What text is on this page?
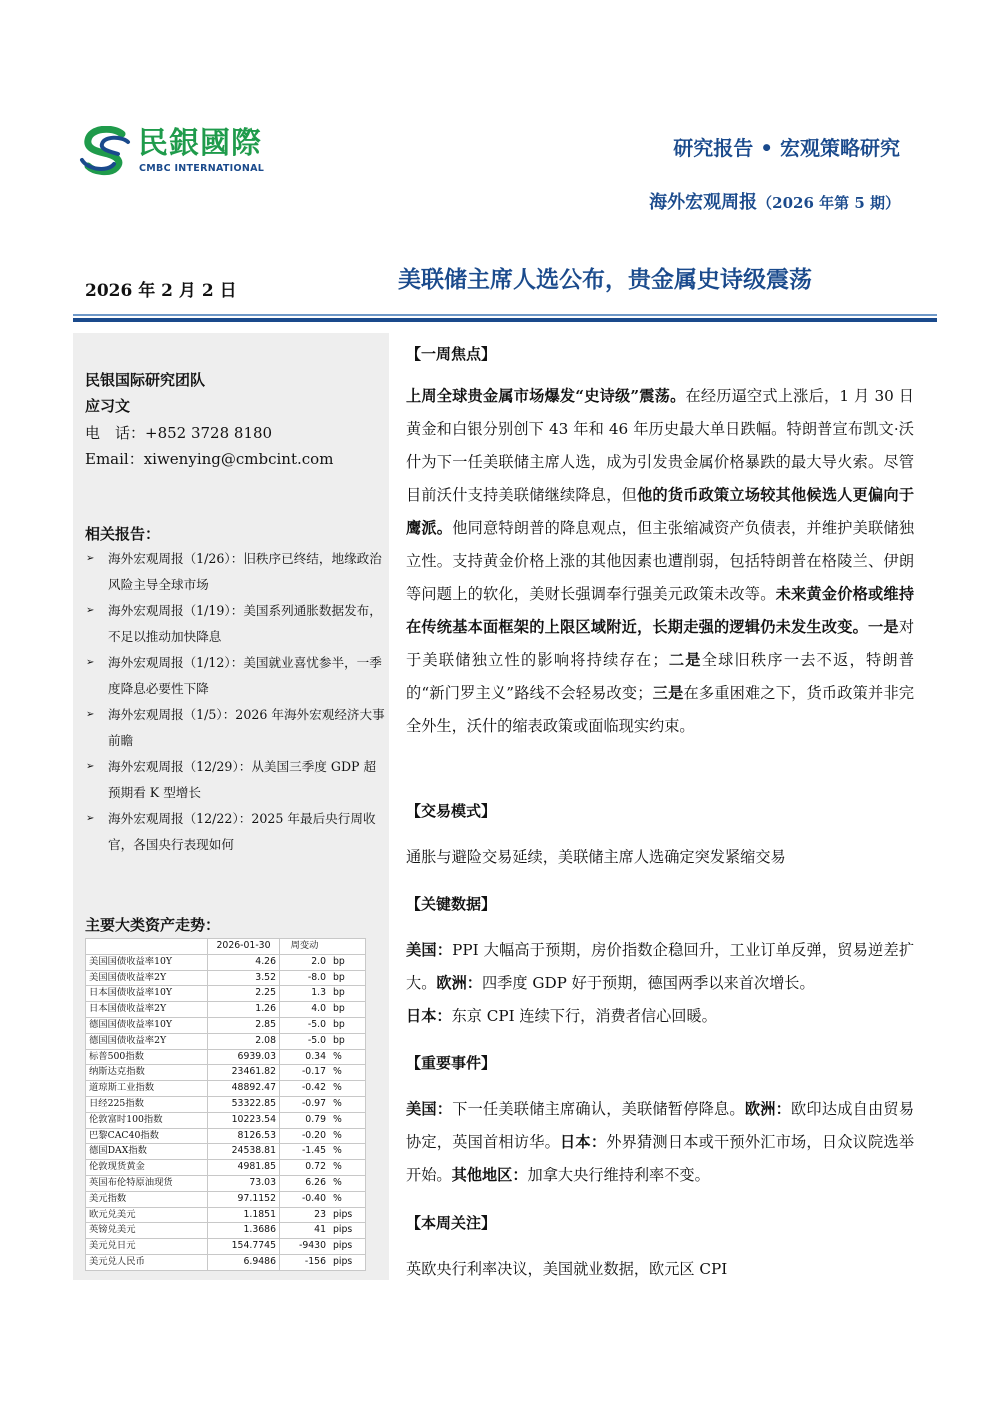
民銀國際
CMBC INTERNATIONAL
研究报告 • 宏观策略研究
海外宏观周报（2026 年第 5 期）
2026 年 2 月 2 日	美联储主席人选公布，贵金属史诗级震荡
民银国际研究团队
应习文
电　话：+852 3728 8180
Email：xiwenying@cmbcint.com
相关报告：
➢ 海外宏观周报（1/26）：旧秩序已终结，地缘政治风险主导全球市场
➢ 海外宏观周报（1/19）：美国系列通胀数据发布，不足以推动加快降息
➢ 海外宏观周报（1/12）：美国就业喜忧参半，一季度降息必要性下降
➢ 海外宏观周报（1/5）：2026 年海外宏观经济大事前瞻
➢ 海外宏观周报（12/29）：从美国三季度 GDP 超预期看 K 型增长
➢ 海外宏观周报（12/22）：2025 年最后央行周收官，各国央行表现如何
主要大类资产走势：
	2026-01-30	周变动	
美国国债收益率10Y	4.26	2.0	bp
美国国债收益率2Y	3.52	-8.0	bp
日本国债收益率10Y	2.25	1.3	bp
日本国债收益率2Y	1.26	4.0	bp
德国国债收益率10Y	2.85	-5.0	bp
德国国债收益率2Y	2.08	-5.0	bp
标普500指数	6939.03	0.34	%
纳斯达克指数	23461.82	-0.17	%
道琼斯工业指数	48892.47	-0.42	%
日经225指数	53322.85	-0.97	%
伦敦富时100指数	10223.54	0.79	%
巴黎CAC40指数	8126.53	-0.20	%
德国DAX指数	24538.81	-1.45	%
伦敦现货黄金	4981.85	0.72	%
英国布伦特原油现货	73.03	6.26	%
美元指数	97.1152	-0.40	%
欧元兑美元	1.1851	23	pips
英镑兑美元	1.3686	41	pips
美元兑日元	154.7745	-9430	pips
美元兑人民币	6.9486	-156	pips
【一周焦点】

上周全球贵金属市场爆发“史诗级”震荡。在经历逼空式上涨后，1 月 30 日黄金和白银分别创下 43 年和 46 年历史最大单日跌幅。特朗普宣布凯文·沃什为下一任美联储主席人选，成为引发贵金属价格暴跌的最大导火索。尽管目前沃什支持美联储继续降息，但他的货币政策立场较其他候选人更偏向于鹰派。他同意特朗普的降息观点，但主张缩减资产负债表，并维护美联储独立性。支持黄金价格上涨的其他因素也遭削弱，包括特朗普在格陵兰、伊朗等问题上的软化，美财长强调奉行强美元政策未改等。未来黄金价格或维持在传统基本面框架的上限区域附近，长期走强的逻辑仍未发生改变。一是对于美联储独立性的影响将持续存在；二是全球旧秩序一去不返，特朗普的“新门罗主义”路线不会轻易改变；三是在多重困难之下，货币政策并非完全外生，沃什的缩表政策或面临现实约束。

【交易模式】

通胀与避险交易延续，美联储主席人选确定突发紧缩交易

【关键数据】

美国：PPI 大幅高于预期，房价指数企稳回升，工业订单反弹，贸易逆差扩大。欧洲：四季度 GDP 好于预期，德国两季以来首次增长。
日本：东京 CPI 连续下行，消费者信心回暖。

【重要事件】

美国：下一任美联储主席确认，美联储暂停降息。欧洲：欧印达成自由贸易协定，英国首相访华。日本：外界猜测日本或干预外汇市场，日众议院选举开始。其他地区：加拿大央行维持利率不变。

【本周关注】

英欧央行利率决议，美国就业数据，欧元区 CPI
